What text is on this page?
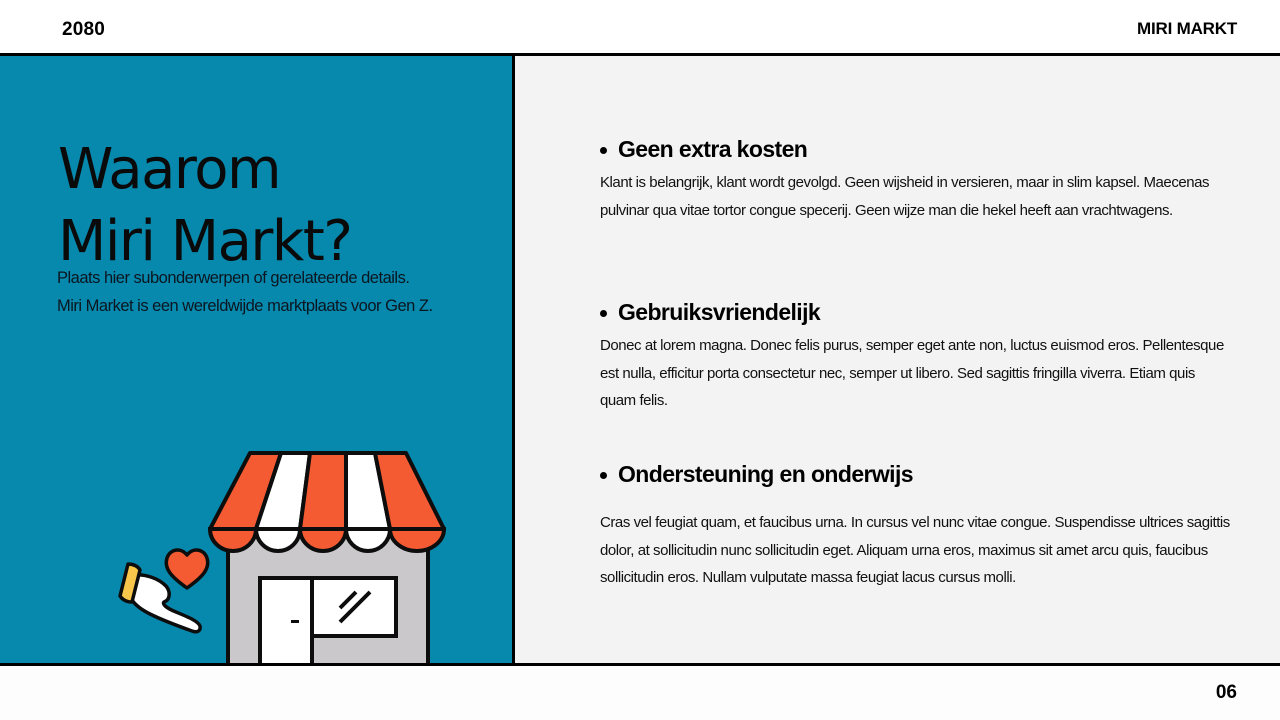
2080	MIRI MARKT
Waarom
Miri Markt?
Plaats hier subonderwerpen of gerelateerde details.
Miri Market is een wereldwijde marktplaats voor Gen Z.
Geen extra kosten
Klant is belangrijk, klant wordt gevolgd. Geen wijsheid in versieren, maar in slim kapsel. Maecenas pulvinar qua vitae tortor congue specerij. Geen wijze man die hekel heeft aan vrachtwagens.
Gebruiksvriendelijk
Donec at lorem magna. Donec felis purus, semper eget ante non, luctus euismod eros. Pellentesque est nulla, efficitur porta consectetur nec, semper ut libero. Sed sagittis fringilla viverra. Etiam quis quam felis.
Ondersteuning en onderwijs
Cras vel feugiat quam, et faucibus urna. In cursus vel nunc vitae congue. Suspendisse ultrices sagittis dolor, at sollicitudin nunc sollicitudin eget. Aliquam urna eros, maximus sit amet arcu quis, faucibus sollicitudin eros. Nullam vulputate massa feugiat lacus cursus molli.
06
